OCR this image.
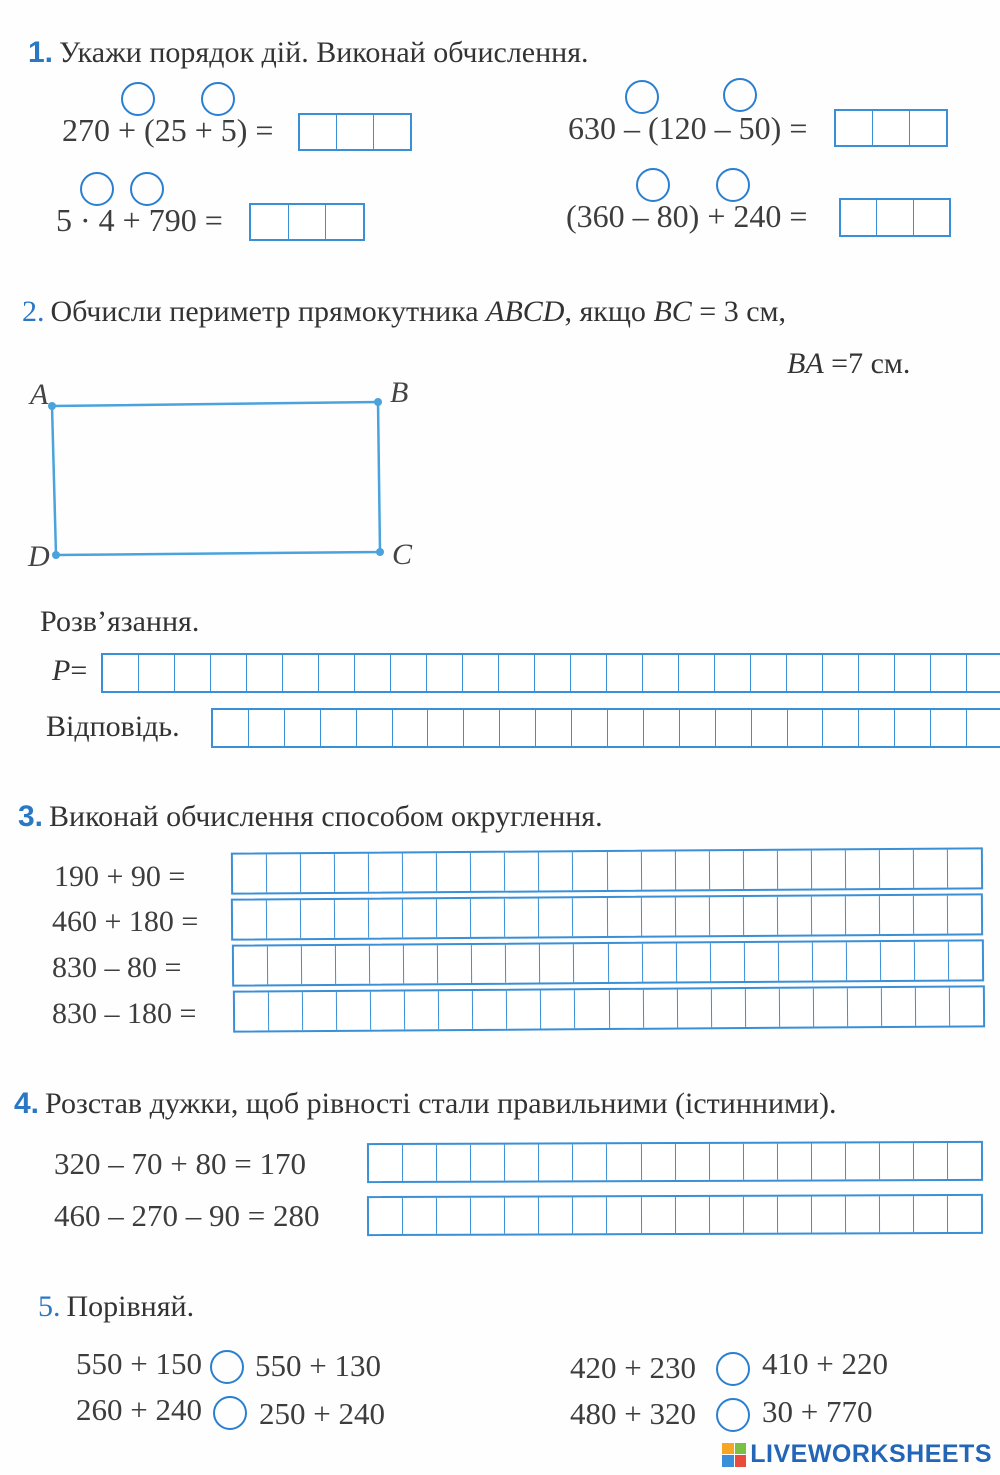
1. Укажи порядок дій. Виконай обчислення.
270 + (25 + 5) =	630 – (120 – 50) =
5 · 4 + 790 =	(360 – 80) + 240 =
2. Обчисли периметр прямокутника ABCD, якщо BC = 3 см,
BA =7 см.
A	B
C
D
Розв’язання.
P=
Відповідь.
3. Виконай обчислення способом округлення.
190 + 90 =
460 + 180 =
830 – 80 =
830 – 180 =
4. Розстав дужки, щоб рівності стали правильними (істинними).
320 – 70 + 80 = 170
460 – 270 – 90 = 280
5. Порівняй.
550 + 150 550 + 130
260 + 240 250 + 240
420 + 230 410 + 220
480 + 320 30 + 770
LIVEWORKSHEETS
